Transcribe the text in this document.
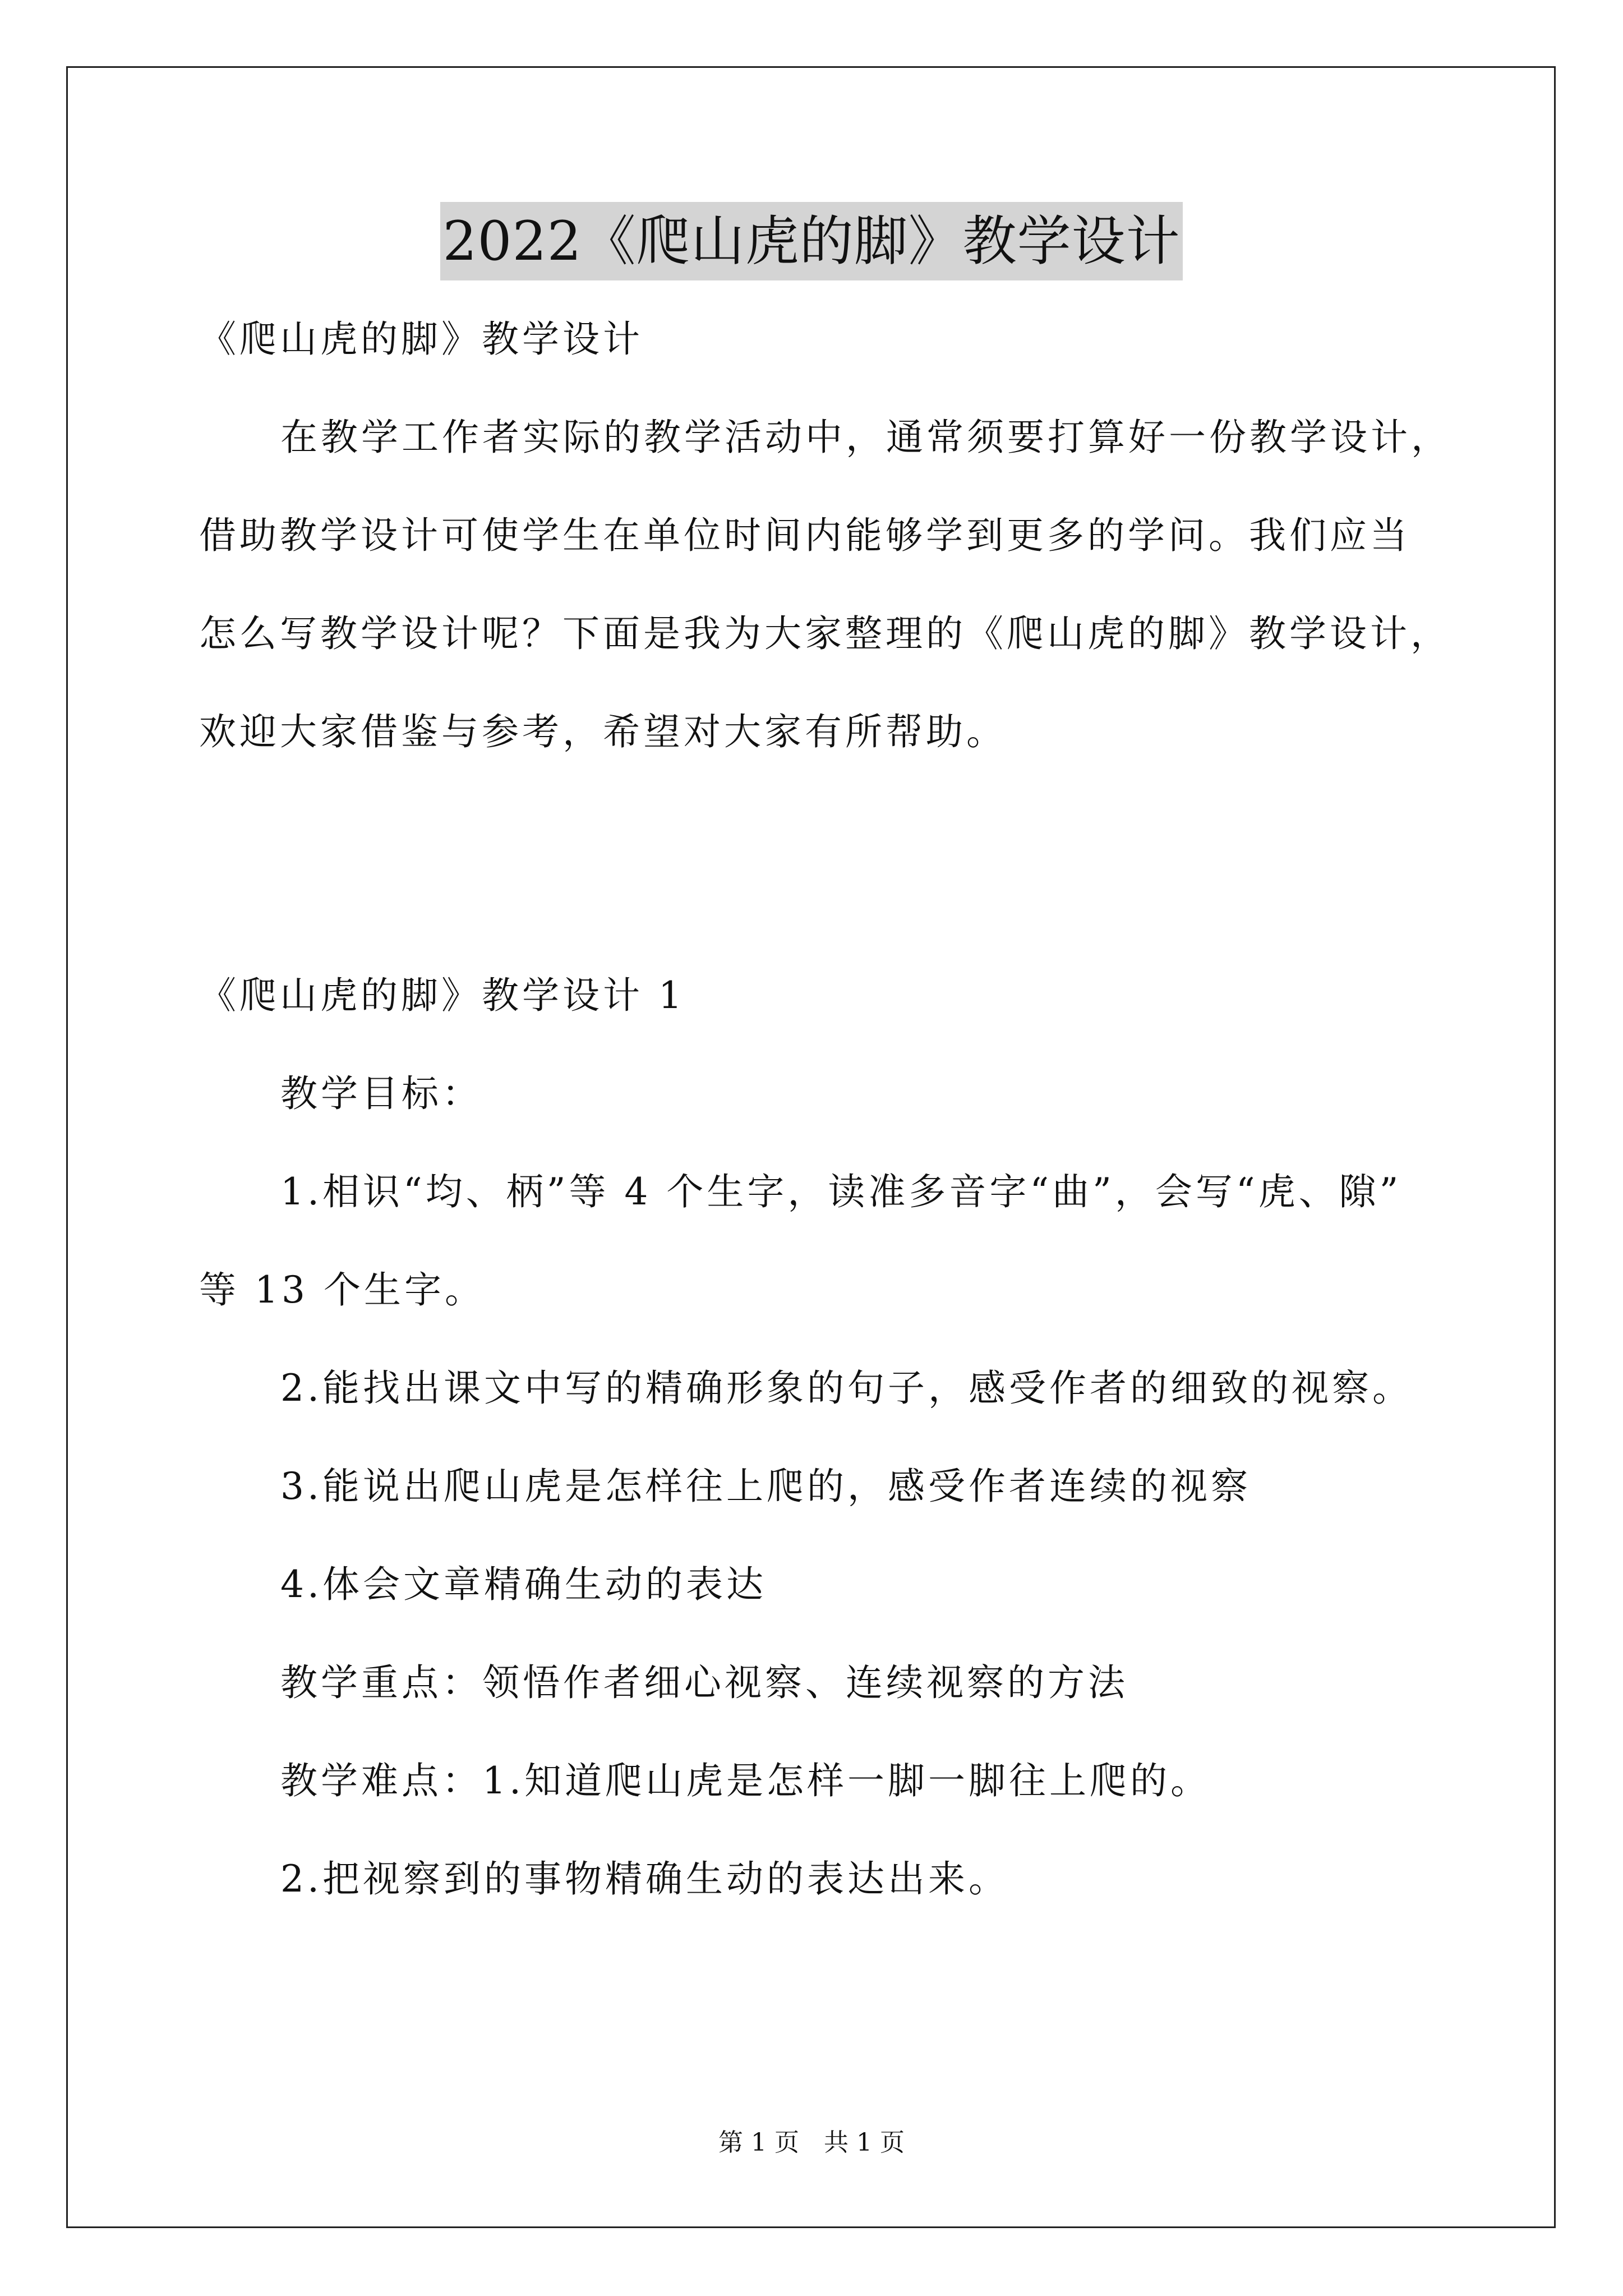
2022《爬山虎的脚》教学设计
《爬山虎的脚》教学设计
在教学工作者实际的教学活动中，通常须要打算好一份教学设计，
借助教学设计可使学生在单位时间内能够学到更多的学问。我们应当
怎么写教学设计呢？下面是我为大家整理的《爬山虎的脚》教学设计，
欢迎大家借鉴与参考，希望对大家有所帮助。
《爬山虎的脚》教学设计 1
教学目标：
1.相识“均、柄”等 4 个生字，读准多音字“曲”，会写“虎、隙”
等 13 个生字。
2.能找出课文中写的精确形象的句子，感受作者的细致的视察。
3.能说出爬山虎是怎样往上爬的，感受作者连续的视察
4.体会文章精确生动的表达
教学重点：领悟作者细心视察、连续视察的方法
教学难点：1.知道爬山虎是怎样一脚一脚往上爬的。
2.把视察到的事物精确生动的表达出来。
第 1 页　共 1 页
